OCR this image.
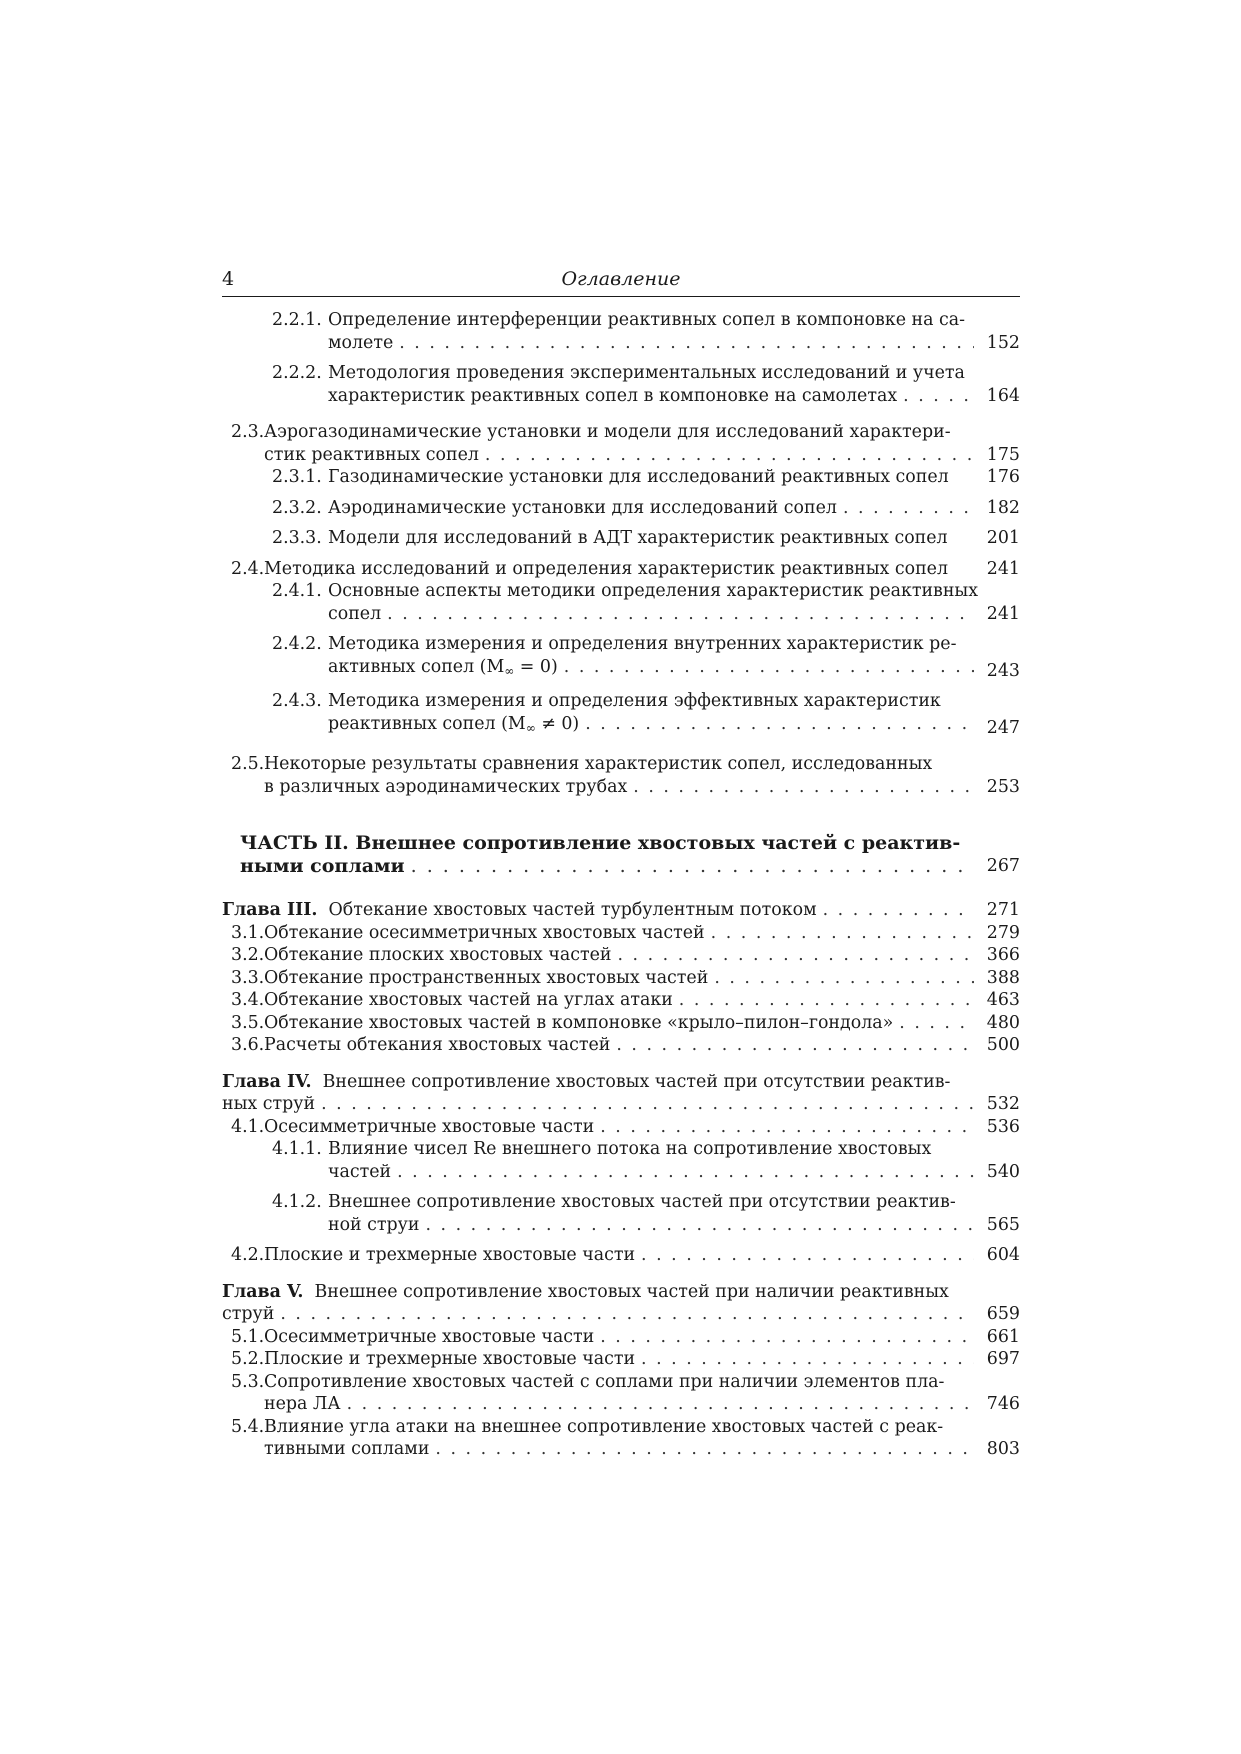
4	Оглавление
2.2.1. Определение интерференции реактивных сопел в компоновке на са-
молете . . .	152
2.2.2. Методология проведения экспериментальных исследований и учета
характеристик реактивных сопел в компоновке на самолетах . . .	164
2.3.Аэрогазодинамические установки и модели для исследований характери-
стик реактивных сопел . . .	175
2.3.1. Газодинамические установки для исследований реактивных сопел	176
2.3.2. Аэродинамические установки для исследований сопел . . .	182
2.3.3. Модели для исследований в АДТ характеристик реактивных сопел	201
2.4. Методика исследований и определения характеристик реактивных сопел	241
2.4.1. Основные аспекты методики определения характеристик реактивных
сопел . . .	241
2.4.2. Методика измерения и определения внутренних характеристик ре-
активных сопел $(M_\infty = 0)$ . . .	243
2.4.3. Методика измерения и определения эффективных характеристик
реактивных сопел $(M_\infty \ne 0)$ . . .	247
2.5.Некоторые результаты сравнения характеристик сопел, исследованных
в различных аэродинамических трубах . . .	253
ЧАСТЬ II. Внешнее сопротивление хвостовых частей с реактив-
ными соплами . . .	267
Глава III. Обтекание хвостовых частей турбулентным потоком . . .	271
3.1. Обтекание осесимметричных хвостовых частей . . .	279
3.2. Обтекание плоских хвостовых частей . . .	366
3.3. Обтекание пространственных хвостовых частей . . .	388
3.4. Обтекание хвостовых частей на углах атаки . . .	463
3.5. Обтекание хвостовых частей в компоновке «крыло–пилон–гондола» . . .	480
3.6. Расчеты обтекания хвостовых частей . . .	500
Глава IV. Внешнее сопротивление хвостовых частей при отсутствии реактив-
ных струй . . .	532
4.1. Осесимметричные хвостовые части . . .	536
4.1.1. Влияние чисел Re внешнего потока на сопротивление хвостовых
частей . . .	540
4.1.2. Внешнее сопротивление хвостовых частей при отсутствии реактив-
ной струи . . .	565
4.2. Плоские и трехмерные хвостовые части . . .	604
Глава V. Внешнее сопротивление хвостовых частей при наличии реактивных
струй . . .	659
5.1. Осесимметричные хвостовые части . . .	661
5.2. Плоские и трехмерные хвостовые части . . .	697
5.3.Сопротивление хвостовых частей с соплами при наличии элементов пла-
нера ЛА . . .	746
5.4.Влияние угла атаки на внешнее сопротивление хвостовых частей с реак-
тивными соплами . . .	803
